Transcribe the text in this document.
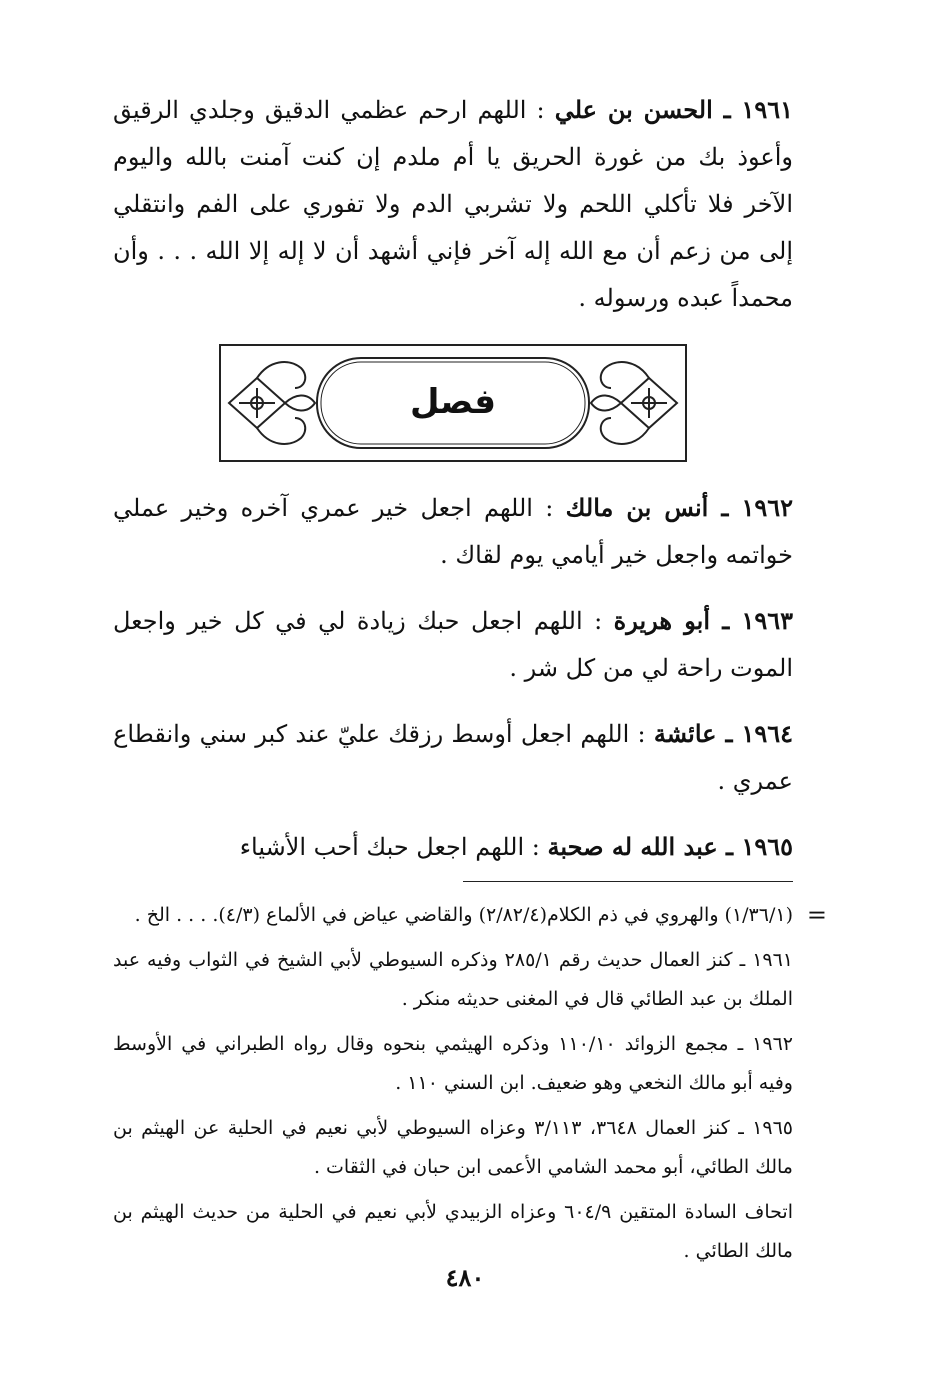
١٩٦١ ـ الحسن بن علي : اللهم ارحم عظمي الدقيق وجلدي الرقيق وأعوذ بك من غورة الحريق يا أم ملدم إن كنت آمنت بالله واليوم الآخر فلا تأكلي اللحم ولا تشربي الدم ولا تفوري على الفم وانتقلي إلى من زعم أن مع الله إله آخر فإني أشهد أن لا إله إلا الله . . . وأن محمداً عبده ورسوله .

فصل

١٩٦٢ ـ أنس بن مالك : اللهم اجعل خير عمري آخره وخير عملي خواتمه واجعل خير أيامي يوم لقاك .

١٩٦٣ ـ أبو هريرة : اللهم اجعل حبك زيادة لي في كل خير واجعل الموت راحة لي من كل شر .

١٩٦٤ ـ عائشة : اللهم اجعل أوسط رزقك عليّ عند كبر سني وانقطاع عمري .

١٩٦٥ ـ عبد الله له صحبة : اللهم اجعل حبك أحب الأشياء

=
(١/٣٦/١) والهروي في ذم الكلام(٢/٨٢/٤) والقاضي عياض في الألماع (٤/٣). . . . الخ .

١٩٦١ ـ كنز العمال حديث رقم ٢٨٥/١ وذكره السيوطي لأبي الشيخ في الثواب وفيه عبد الملك بن عبد الطائي قال في المغنى حديثه منكر .

١٩٦٢ ـ مجمع الزوائد ١١٠/١٠ وذكره الهيثمي بنحوه وقال رواه الطبراني في الأوسط وفيه أبو مالك النخعي وهو ضعيف. ابن السني ١١٠ .

١٩٦٥ ـ كنز العمال ٣٦٤٨، ٣/١١٣ وعزاه السيوطي لأبي نعيم في الحلية عن الهيثم بن مالك الطائي، أبو محمد الشامي الأعمى ابن حبان في الثقات .

اتحاف السادة المتقين ٦٠٤/٩ وعزاه الزبيدي لأبي نعيم في الحلية من حديث الهيثم بن مالك الطائي .

٤٨٠
